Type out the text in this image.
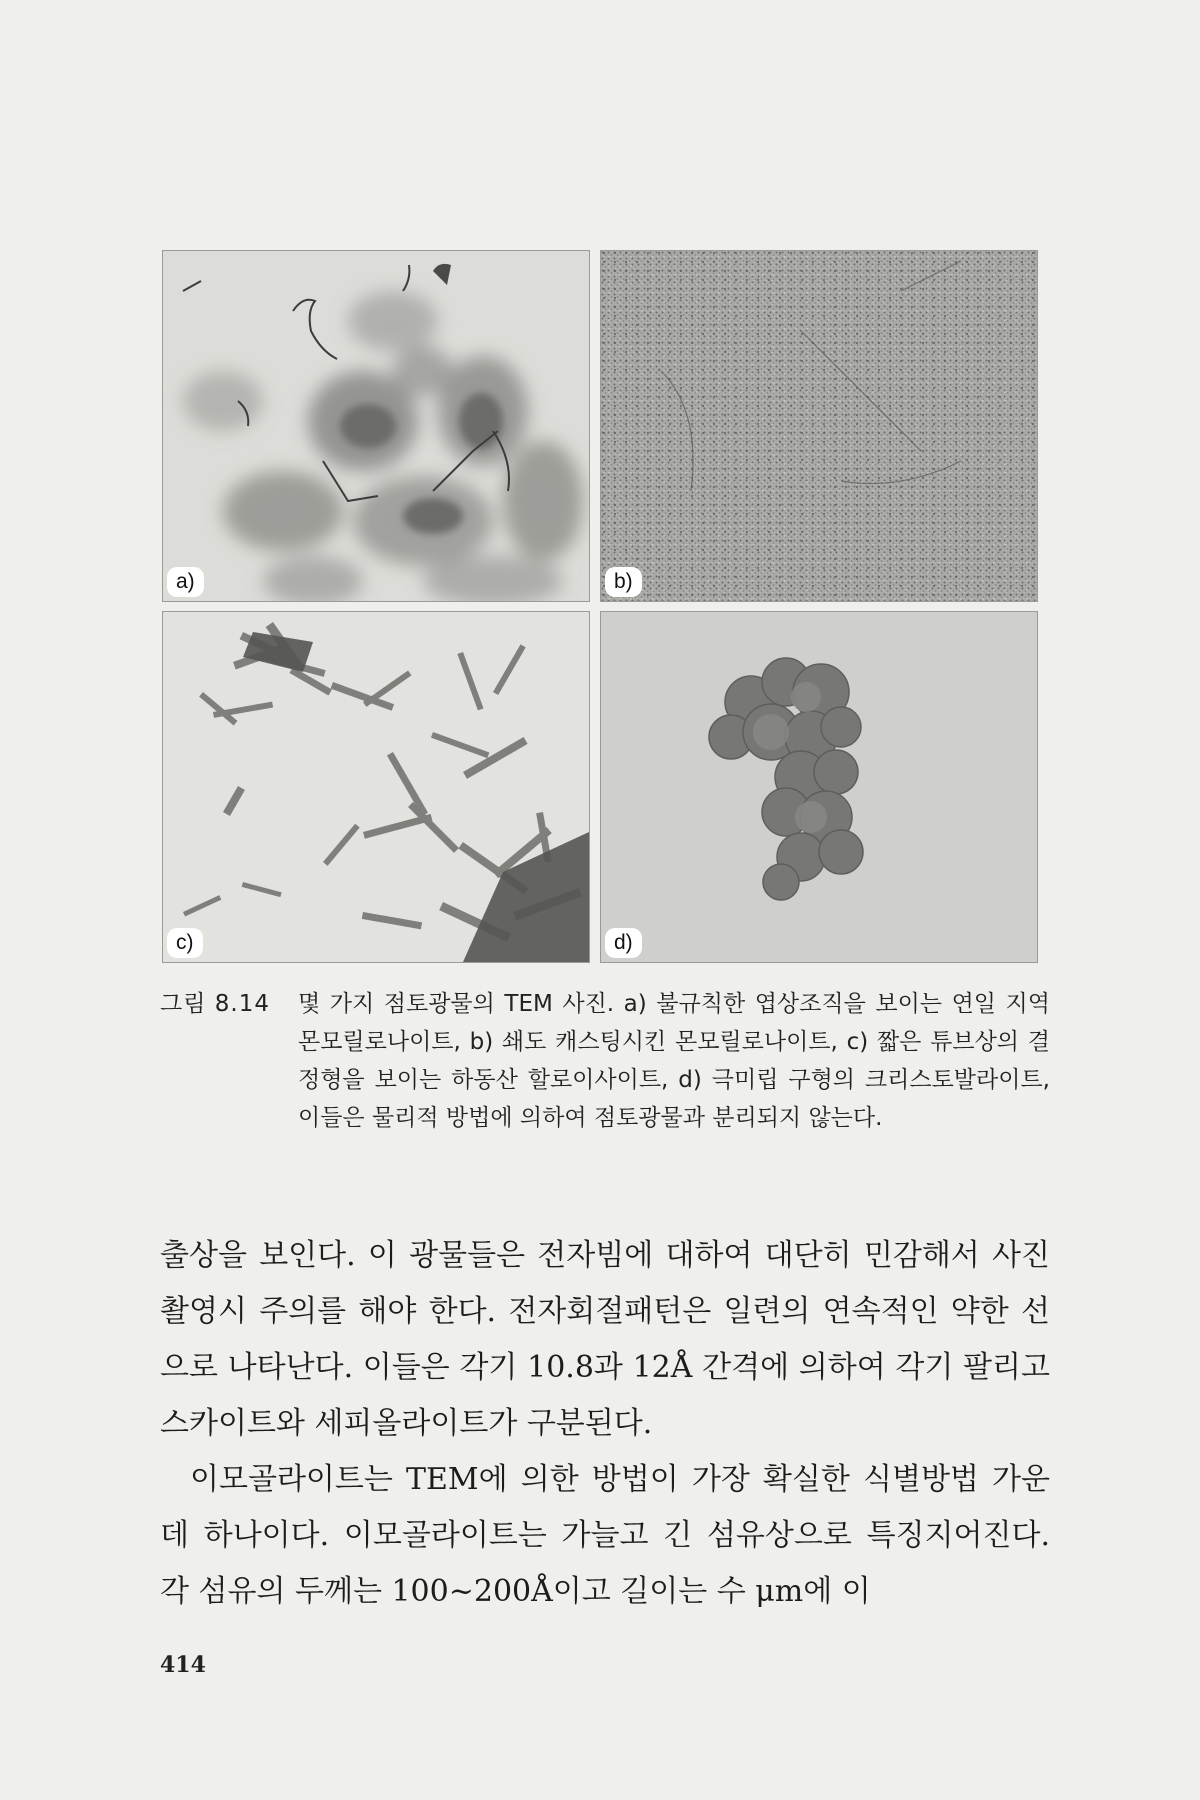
a)	b)
c)	d)
그림 8.14 몇 가지 점토광물의 TEM 사진. a) 불규칙한 엽상조직을 보이는 연일 지역 몬모릴로나이트, b) 쇄도 캐스팅시킨 몬모릴로나이트, c) 짧은 튜브상의 결정형을 보이는 하동산 할로이사이트, d) 극미립 구형의 크리스토발라이트, 이들은 물리적 방법에 의하여 점토광물과 분리되지 않는다.

출상을 보인다. 이 광물들은 전자빔에 대하여 대단히 민감해서 사진촬영시 주의를 해야 한다. 전자회절패턴은 일련의 연속적인 약한 선으로 나타난다. 이들은 각기 10.8과 12Å 간격에 의하여 각기 팔리고스카이트와 세피올라이트가 구분된다.

이모골라이트는 TEM에 의한 방법이 가장 확실한 식별방법 가운데 하나이다. 이모골라이트는 가늘고 긴 섬유상으로 특징지어진다. 각 섬유의 두께는 100~200Å이고 길이는 수 μm에 이

414
